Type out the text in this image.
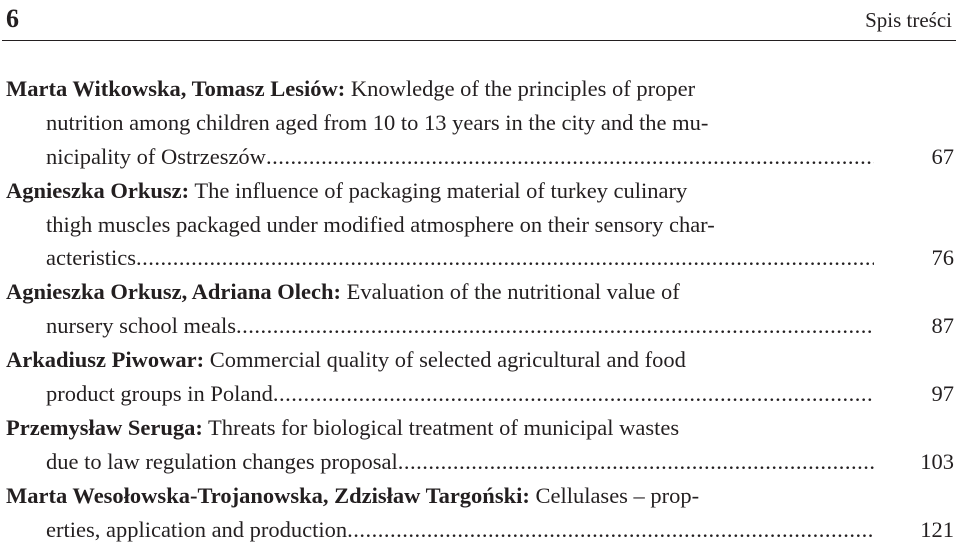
6	Spis treści
Marta Witkowska, Tomasz Lesiów: Knowledge of the principles of proper
nutrition among children aged from 10 to 13 years in the city and the mu-
nicipality of Ostrzeszów .....	67
Agnieszka Orkusz: The influence of packaging material of turkey culinary
thigh muscles packaged under modified atmosphere on their sensory char-
acteristics .....	76
Agnieszka Orkusz, Adriana Olech: Evaluation of the nutritional value of
nursery school meals .....	87
Arkadiusz Piwowar: Commercial quality of selected agricultural and food
product groups in Poland .....	97
Przemysław Seruga: Threats for biological treatment of municipal wastes
due to law regulation changes proposal .....	103
Marta Wesołowska-Trojanowska, Zdzisław Targoński: Cellulases – prop-
erties, application and production .....	121
